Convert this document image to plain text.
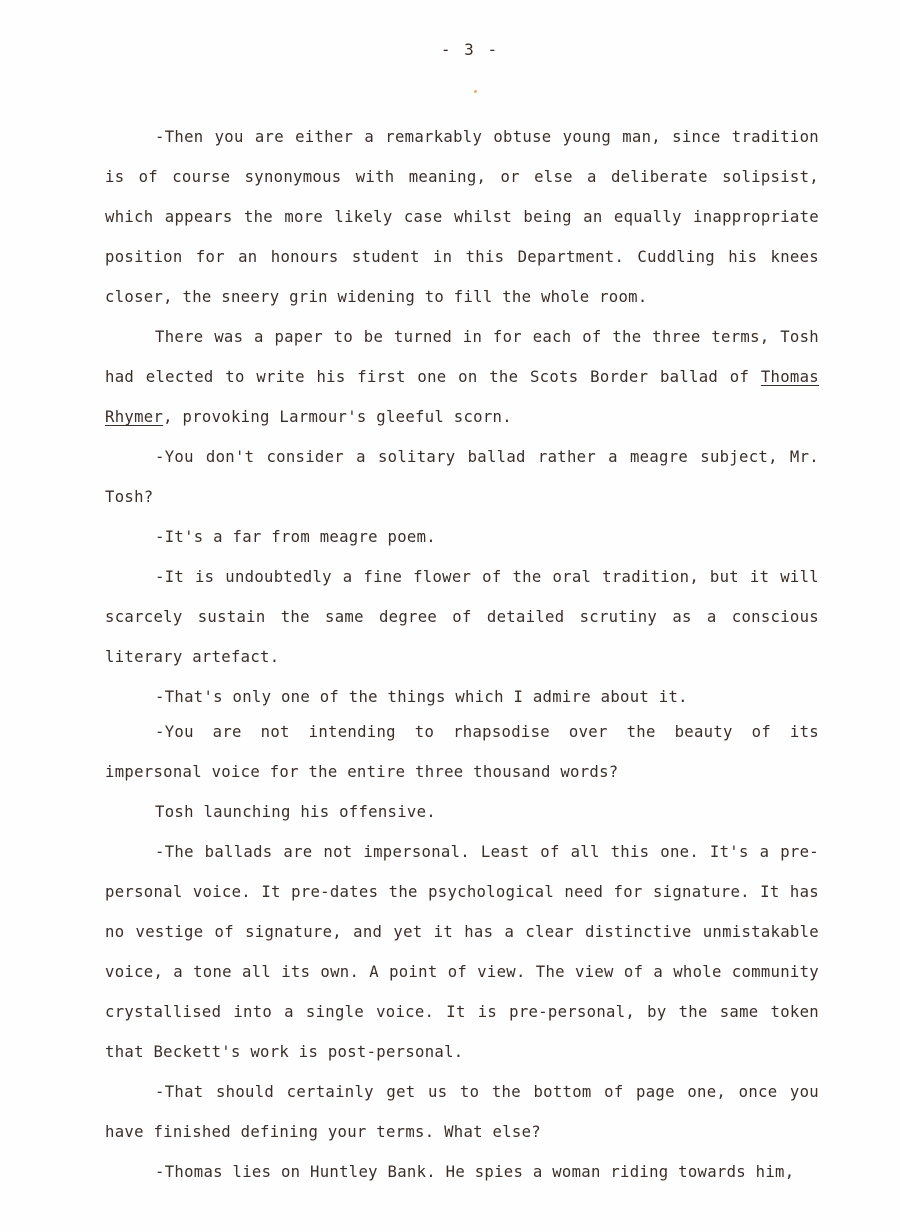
- 3 -

-Then you are either a remarkably obtuse young man, since tradition is of course synonymous with meaning, or else a deliberate solipsist, which appears the more likely case whilst being an equally inappropriate position for an honours student in this Department. Cuddling his knees closer, the sneery grin widening to fill the whole room.

There was a paper to be turned in for each of the three terms, Tosh had elected to write his first one on the Scots Border ballad of Thomas Rhymer, provoking Larmour's gleeful scorn.

-You don't consider a solitary ballad rather a meagre subject, Mr. Tosh?

-It's a far from meagre poem.

-It is undoubtedly a fine flower of the oral tradition, but it will scarcely sustain the same degree of detailed scrutiny as a conscious literary artefact.

-That's only one of the things which I admire about it.

-You are not intending to rhapsodise over the beauty of its impersonal voice for the entire three thousand words?

Tosh launching his offensive.

-The ballads are not impersonal. Least of all this one. It's a pre-personal voice. It pre-dates the psychological need for signature. It has no vestige of signature, and yet it has a clear distinctive unmistakable voice, a tone all its own. A point of view. The view of a whole community crystallised into a single voice. It is pre-personal, by the same token that Beckett's work is post-personal.

-That should certainly get us to the bottom of page one, once you have finished defining your terms. What else?

-Thomas lies on Huntley Bank. He spies a woman riding towards him,
